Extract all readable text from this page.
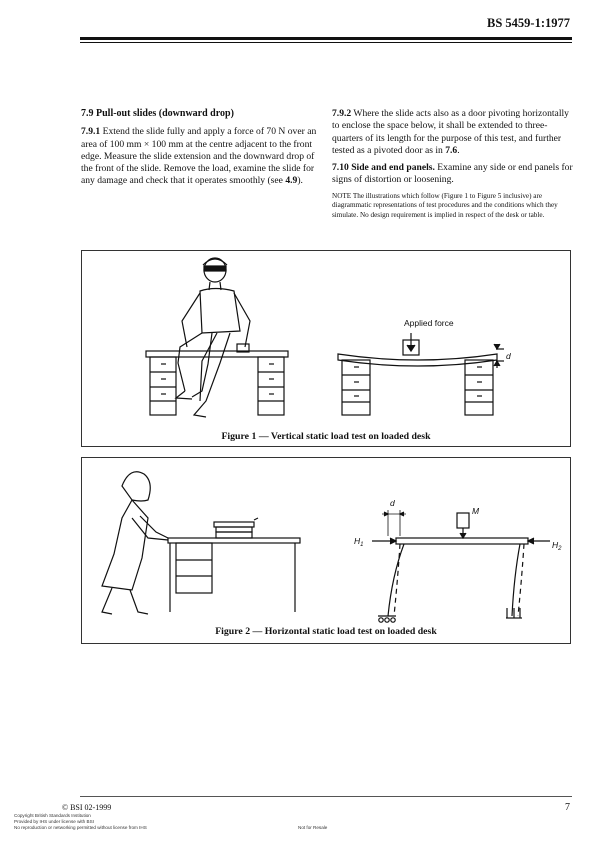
BS 5459-1:1977

7.9 Pull-out slides (downward drop)

7.9.1 Extend the slide fully and apply a force of 70 N over an area of 100 mm × 100 mm at the centre adjacent to the front edge. Measure the slide extension and the downward drop of the front of the slide. Remove the load, examine the slide for any damage and check that it operates smoothly (see 4.9).

7.9.2 Where the slide acts also as a door pivoting horizontally to enclose the space below, it shall be extended to three-quarters of its length for the purpose of this test, and further tested as a pivoted door as in 7.6.

7.10 Side and end panels. Examine any side or end panels for signs of distortion or loosening.

NOTE The illustrations which follow (Figure 1 to Figure 5 inclusive) are diagrammatic representations of test procedures and the conditions which they simulate. No design requirement is implied in respect of the desk or table.

Applied force
d
Figure 1 — Vertical static load test on loaded desk
d
M
$H_1$	$H_2$
Figure 2 — Horizontal static load test on loaded desk
© BSI 02-1999	7
Copyright British Standards Institution
Provided by IHS under license with BSI
No reproduction or networking permitted without license from IHS	Not for Resale
